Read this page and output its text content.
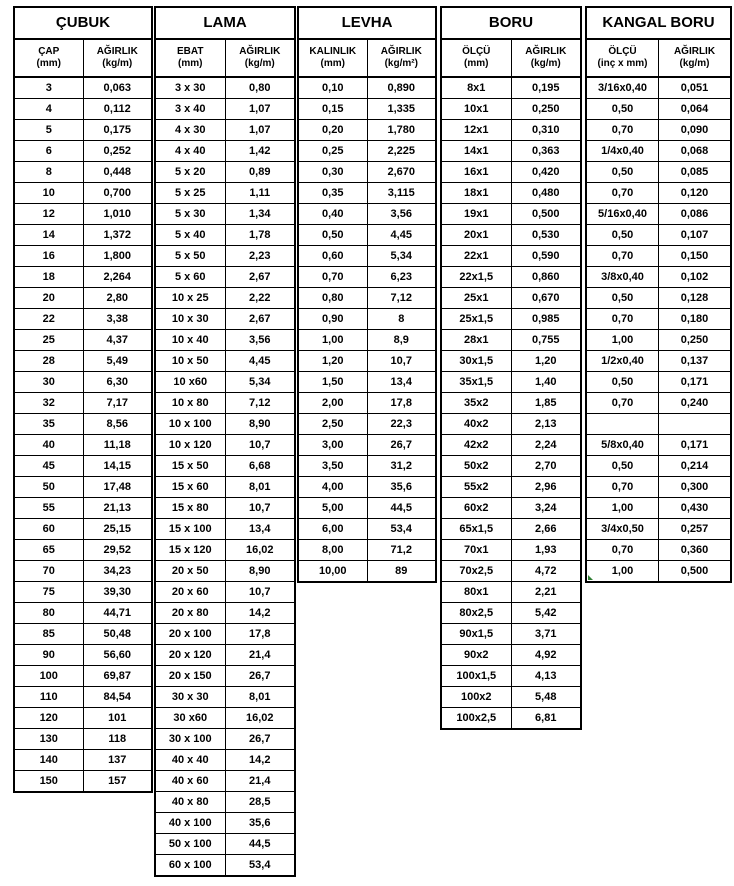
ÇUBUK
ÇAP
(mm)
AĞIRLIK
(kg/m)
3	0,063
4	0,112
5	0,175
6	0,252
8	0,448
10	0,700
12	1,010
14	1,372
16	1,800
18	2,264
20	2,80
22	3,38
25	4,37
28	5,49
30	6,30
32	7,17
35	8,56
40	11,18
45	14,15
50	17,48
55	21,13
60	25,15
65	29,52
70	34,23
75	39,30
80	44,71
85	50,48
90	56,60
100	69,87
110	84,54
120	101
130	118
140	137
150	157
LAMA
EBAT
(mm)
AĞIRLIK
(kg/m)
3 x 30	0,80
3 x 40	1,07
4 x 30	1,07
4 x 40	1,42
5 x 20	0,89
5 x 25	1,11
5 x 30	1,34
5 x 40	1,78
5 x 50	2,23
5 x 60	2,67
10 x 25	2,22
10 x 30	2,67
10 x 40	3,56
10 x 50	4,45
10 x60	5,34
10 x 80	7,12
10 x 100	8,90
10 x 120	10,7
15 x 50	6,68
15 x 60	8,01
15 x 80	10,7
15 x 100	13,4
15 x 120	16,02
20 x 50	8,90
20 x 60	10,7
20 x 80	14,2
20 x 100	17,8
20 x 120	21,4
20 x 150	26,7
30 x 30	8,01
30 x60	16,02
30 x 100	26,7
40 x 40	14,2
40 x 60	21,4
40 x 80	28,5
40 x 100	35,6
50 x 100	44,5
60 x 100	53,4
LEVHA
KALINLIK
(mm)
AĞIRLIK
(kg/m²)
0,10	0,890
0,15	1,335
0,20	1,780
0,25	2,225
0,30	2,670
0,35	3,115
0,40	3,56
0,50	4,45
0,60	5,34
0,70	6,23
0,80	7,12
0,90	8
1,00	8,9
1,20	10,7
1,50	13,4
2,00	17,8
2,50	22,3
3,00	26,7
3,50	31,2
4,00	35,6
5,00	44,5
6,00	53,4
8,00	71,2
10,00	89
BORU
ÖLÇÜ
(mm)
AĞIRLIK
(kg/m)
8x1	0,195
10x1	0,250
12x1	0,310
14x1	0,363
16x1	0,420
18x1	0,480
19x1	0,500
20x1	0,530
22x1	0,590
22x1,5	0,860
25x1	0,670
25x1,5	0,985
28x1	0,755
30x1,5	1,20
35x1,5	1,40
35x2	1,85
40x2	2,13
42x2	2,24
50x2	2,70
55x2	2,96
60x2	3,24
65x1,5	2,66
70x1	1,93
70x2,5	4,72
80x1	2,21
80x2,5	5,42
90x1,5	3,71
90x2	4,92
100x1,5	4,13
100x2	5,48
100x2,5	6,81
KANGAL BORU
ÖLÇÜ
(inç x mm)
AĞIRLIK
(kg/m)
3/16x0,40	0,051
0,50	0,064
0,70	0,090
1/4x0,40	0,068
0,50	0,085
0,70	0,120
5/16x0,40	0,086
0,50	0,107
0,70	0,150
3/8x0,40	0,102
0,50	0,128
0,70	0,180
1,00	0,250
1/2x0,40	0,137
0,50	0,171
0,70	0,240
5/8x0,40	0,171
0,50	0,214
0,70	0,300
1,00	0,430
3/4x0,50	0,257
0,70	0,360
1,00	0,500
